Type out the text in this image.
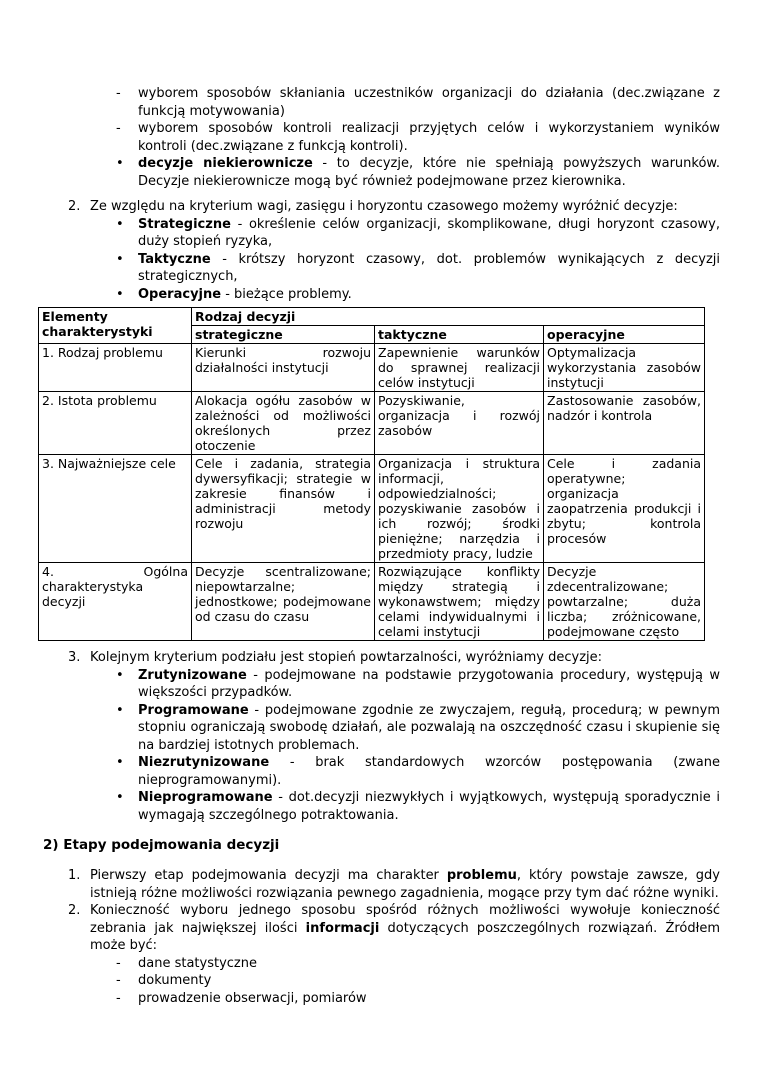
- wyborem sposobów skłaniania uczestników organizacji do działania (dec.związane z funkcją motywowania)
- wyborem sposobów kontroli realizacji przyjętych celów i wykorzystaniem wyników kontroli (dec.związane z funkcją kontroli).
• decyzje niekierownicze - to decyzje, które nie spełniają powyższych warunków. Decyzje niekierownicze mogą być również podejmowane przez kierownika.
2. Ze względu na kryterium wagi, zasięgu i horyzontu czasowego możemy wyróżnić decyzje:
• Strategiczne - określenie celów organizacji, skomplikowane, długi horyzont czasowy, duży stopień ryzyka,
• Taktyczne - krótszy horyzont czasowy, dot. problemów wynikających z decyzji strategicznych,
• Operacyjne - bieżące problemy.
Elementy charakterystyki	Rodzaj decyzji		
	strategiczne	taktyczne	operacyjne
1. Rodzaj problemu	Kierunki rozwoju działalności instytucji	Zapewnienie warunków do sprawnej realizacji celów instytucji	Optymalizacja wykorzystania zasobów instytucji
2. Istota problemu	Alokacja ogółu zasobów w zależności od możliwości określonych przez otoczenie	Pozyskiwanie, organizacja i rozwój zasobów	Zastosowanie zasobów, nadzór i kontrola
3. Najważniejsze cele	Cele i zadania, strategia dywersyfikacji; strategie w zakresie finansów i administracji metody rozwoju	Organizacja i struktura informacji, odpowiedzialności; pozyskiwanie zasobów i ich rozwój; środki pieniężne; narzędzia i przedmioty pracy, ludzie	Cele i zadania operatywne; organizacja zaopatrzenia produkcji i zbytu; kontrola procesów
4. Ogólna charakterystyka decyzji	Decyzje scentralizowane; niepowtarzalne; jednostkowe; podejmowane od czasu do czasu	Rozwiązujące konflikty między strategią i wykonawstwem; między celami indywidualnymi i celami instytucji	Decyzje zdecentralizowane; powtarzalne; duża liczba; zróżnicowane, podejmowane często
3. Kolejnym kryterium podziału jest stopień powtarzalności, wyróżniamy decyzje:
• Zrutynizowane - podejmowane na podstawie przygotowania procedury, występują w większości przypadków.
• Programowane - podejmowane zgodnie ze zwyczajem, regułą, procedurą; w pewnym stopniu ograniczają swobodę działań, ale pozwalają na oszczędność czasu i skupienie się na bardziej istotnych problemach.
• Niezrutynizowane - brak standardowych wzorców postępowania (zwane nieprogramowanymi).
• Nieprogramowane - dot.decyzji niezwykłych i wyjątkowych, występują sporadycznie i wymagają szczególnego potraktowania.
2) Etapy podejmowania decyzji
1. Pierwszy etap podejmowania decyzji ma charakter problemu, który powstaje zawsze, gdy istnieją różne możliwości rozwiązania pewnego zagadnienia, mogące przy tym dać różne wyniki.
2. Konieczność wyboru jednego sposobu spośród różnych możliwości wywołuje konieczność zebrania jak największej ilości informacji dotyczących poszczególnych rozwiązań. Źródłem może być:
- dane statystyczne
- dokumenty
- prowadzenie obserwacji, pomiarów
